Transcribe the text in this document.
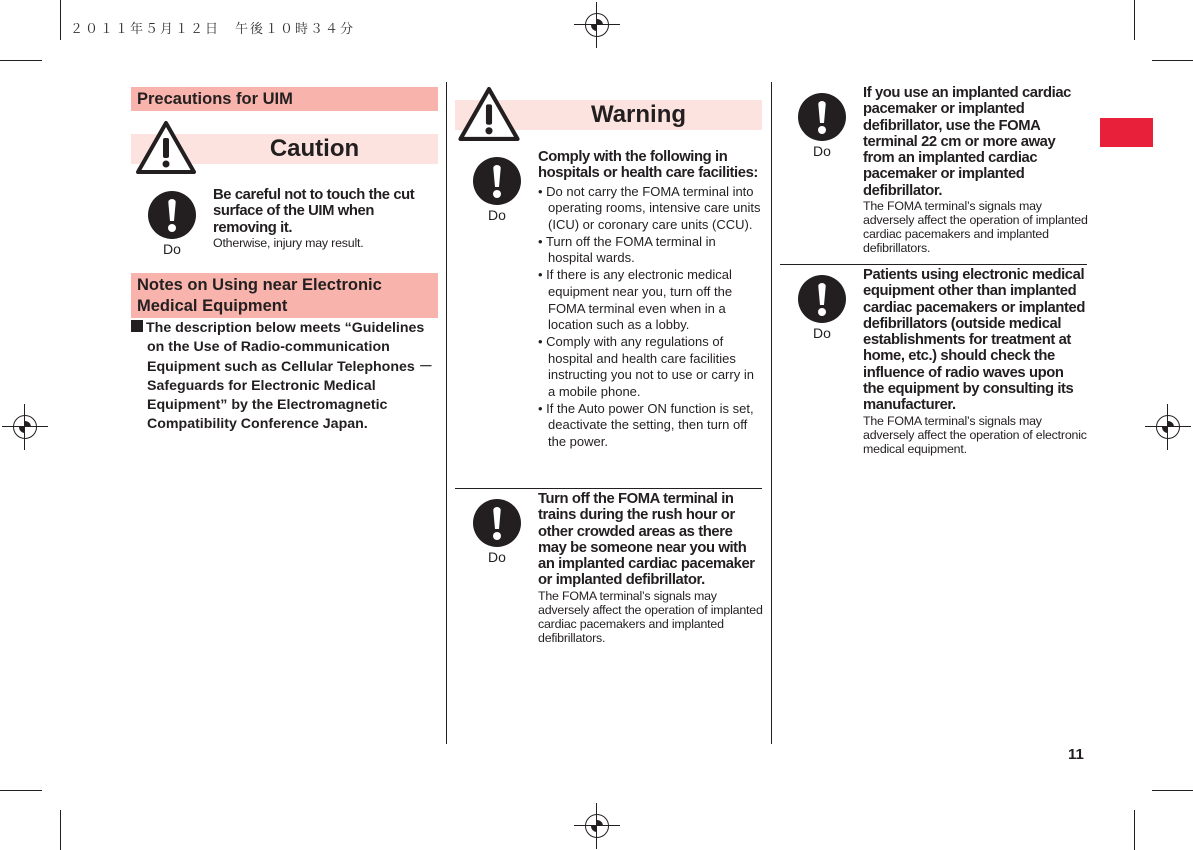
２０１１年５月１２日　午後１０時３４分
11
Precautions for UIM
Caution
Do
Be careful not to touch the cut surface of the UIM when removing it.

Otherwise, injury may result.

Notes on Using near Electronic Medical Equipment
The description below meets “Guidelines
on the Use of Radio-communication Equipment such as Cellular Telephones － Safeguards for Electronic Medical Equipment” by the Electromagnetic Compatibility Conference Japan.
Warning
Do
Comply with the following in hospitals or health care facilities:
• Do not carry the FOMA terminal into operating rooms, intensive care units (ICU) or coronary care units (CCU).
• Turn off the FOMA terminal in hospital wards.
• If there is any electronic medical equipment near you, turn off the FOMA terminal even when in a location such as a lobby.
• Comply with any regulations of hospital and health care facilities instructing you not to use or carry in a mobile phone.
• If the Auto power ON function is set, deactivate the setting, then turn off the power.
Do
Turn off the FOMA terminal in trains during the rush hour or other crowded areas as there may be someone near you with an implanted cardiac pacemaker or implanted defibrillator.

The FOMA terminal’s signals may adversely affect the operation of implanted cardiac pacemakers and implanted defibrillators.

Do
If you use an implanted cardiac pacemaker or implanted defibrillator, use the FOMA terminal 22 cm or more away from an implanted cardiac pacemaker or implanted defibrillator.

The FOMA terminal’s signals may adversely affect the operation of implanted cardiac pacemakers and implanted defibrillators.

Do
Patients using electronic medical equipment other than implanted cardiac pacemakers or implanted defibrillators (outside medical establishments for treatment at home, etc.) should check the influence of radio waves upon the equipment by consulting its manufacturer.

The FOMA terminal’s signals may adversely affect the operation of electronic medical equipment.
